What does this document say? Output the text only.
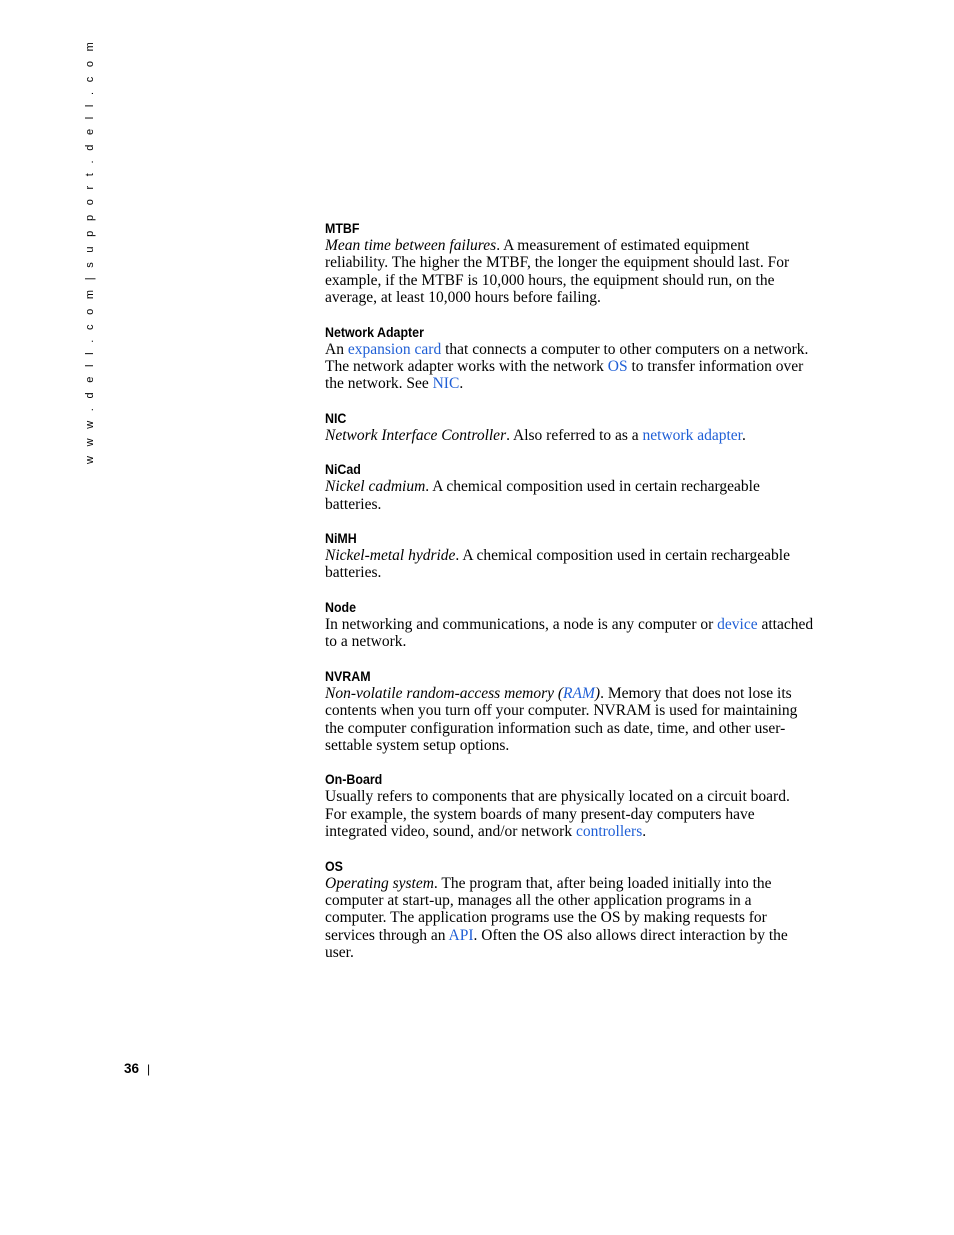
w w w . d e l l . c o m | s u p p o r t . d e l l . c o m	MTBF
Mean time between failures. A measurement of estimated equipment reliability. The higher the MTBF, the longer the equipment should last. For example, if the MTBF is 10,000 hours, the equipment should run, on the average, at least 10,000 hours before failing.
Network Adapter
An expansion card that connects a computer to other computers on a network. The network adapter works with the network OS to transfer information over the network. See NIC.
NIC
Network Interface Controller. Also referred to as a network adapter.
NiCad
Nickel cadmium. A chemical composition used in certain rechargeable batteries.
NiMH
Nickel-metal hydride. A chemical composition used in certain rechargeable batteries.
Node
In networking and communications, a node is any computer or device attached to a network.
NVRAM
Non-volatile random-access memory (RAM). Memory that does not lose its contents when you turn off your computer. NVRAM is used for maintaining the computer configuration information such as date, time, and other user-settable system setup options.
On-Board
Usually refers to components that are physically located on a circuit board. For example, the system boards of many present-day computers have integrated video, sound, and/or network controllers.
OS
Operating system. The program that, after being loaded initially into the computer at start-up, manages all the other application programs in a computer. The application programs use the OS by making requests for services through an API. Often the OS also allows direct interaction by the user.
36 |
